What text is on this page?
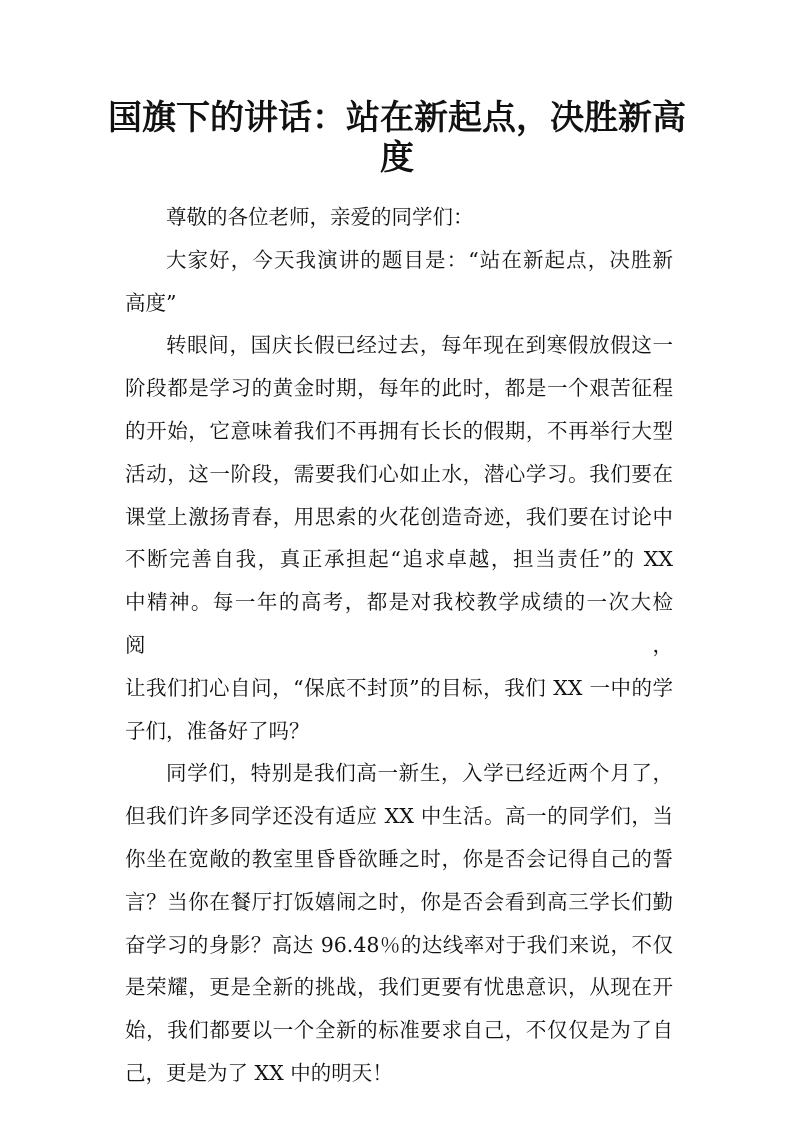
国旗下的讲话：站在新起点，决胜新高
度
尊敬的各位老师，亲爱的同学们：
大家好，今天我演讲的题目是：“站在新起点，决胜新
高度”
转眼间，国庆长假已经过去，每年现在到寒假放假这一
阶段都是学习的黄金时期，每年的此时，都是一个艰苦征程
的开始，它意味着我们不再拥有长长的假期，不再举行大型
活动，这一阶段，需要我们心如止水，潜心学习。我们要在
课堂上激扬青春，用思索的火花创造奇迹，我们要在讨论中
不断完善自我，真正承担起“追求卓越，担当责任”的 XX
中精神。每一年的高考，都是对我校教学成绩的一次大检阅，
让我们扪心自问，“保底不封顶”的目标，我们 XX 一中的学
子们，准备好了吗？
同学们，特别是我们高一新生，入学已经近两个月了，
但我们许多同学还没有适应 XX 中生活。高一的同学们，当
你坐在宽敞的教室里昏昏欲睡之时，你是否会记得自己的誓
言？当你在餐厅打饭嬉闹之时，你是否会看到高三学长们勤
奋学习的身影？高达 96.48％的达线率对于我们来说，不仅
是荣耀，更是全新的挑战，我们更要有忧患意识，从现在开
始，我们都要以一个全新的标准要求自己，不仅仅是为了自
己，更是为了 XX 中的明天！
